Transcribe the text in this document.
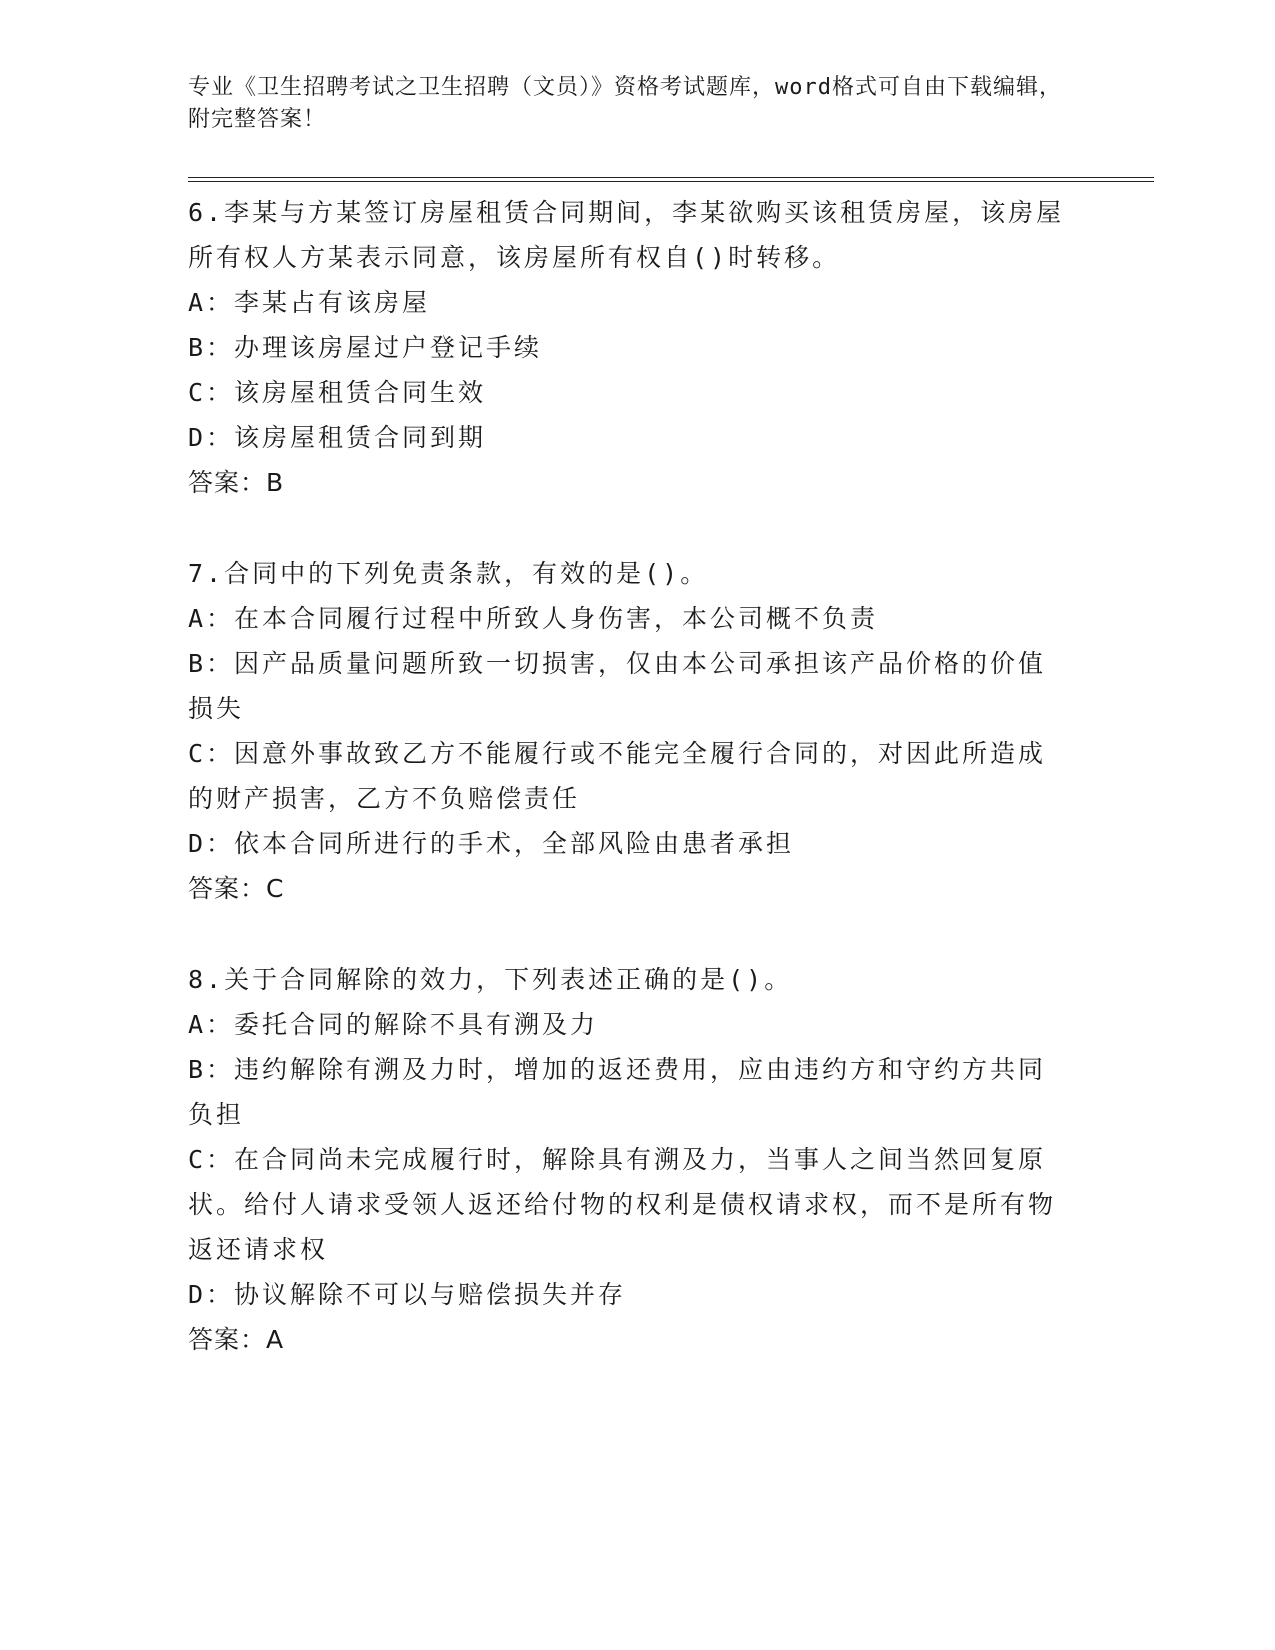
专业《卫生招聘考试之卫生招聘（文员）》资格考试题库，word格式可自由下载编辑，附完整答案！

6.李某与方某签订房屋租赁合同期间，李某欲购买该租赁房屋，该房屋所有权人方某表示同意，该房屋所有权自()时转移。

A：李某占有该房屋

B：办理该房屋过户登记手续

C：该房屋租赁合同生效

D：该房屋租赁合同到期

答案：B

7.合同中的下列免责条款，有效的是()。

A：在本合同履行过程中所致人身伤害，本公司概不负责

B：因产品质量问题所致一切损害，仅由本公司承担该产品价格的价值损失

C：因意外事故致乙方不能履行或不能完全履行合同的，对因此所造成的财产损害，乙方不负赔偿责任

D：依本合同所进行的手术，全部风险由患者承担

答案：C

8.关于合同解除的效力，下列表述正确的是()。

A：委托合同的解除不具有溯及力

B：违约解除有溯及力时，增加的返还费用，应由违约方和守约方共同负担

C：在合同尚未完成履行时，解除具有溯及力，当事人之间当然回复原状。给付人请求受领人返还给付物的权利是债权请求权，而不是所有物返还请求权

D：协议解除不可以与赔偿损失并存

答案：A
